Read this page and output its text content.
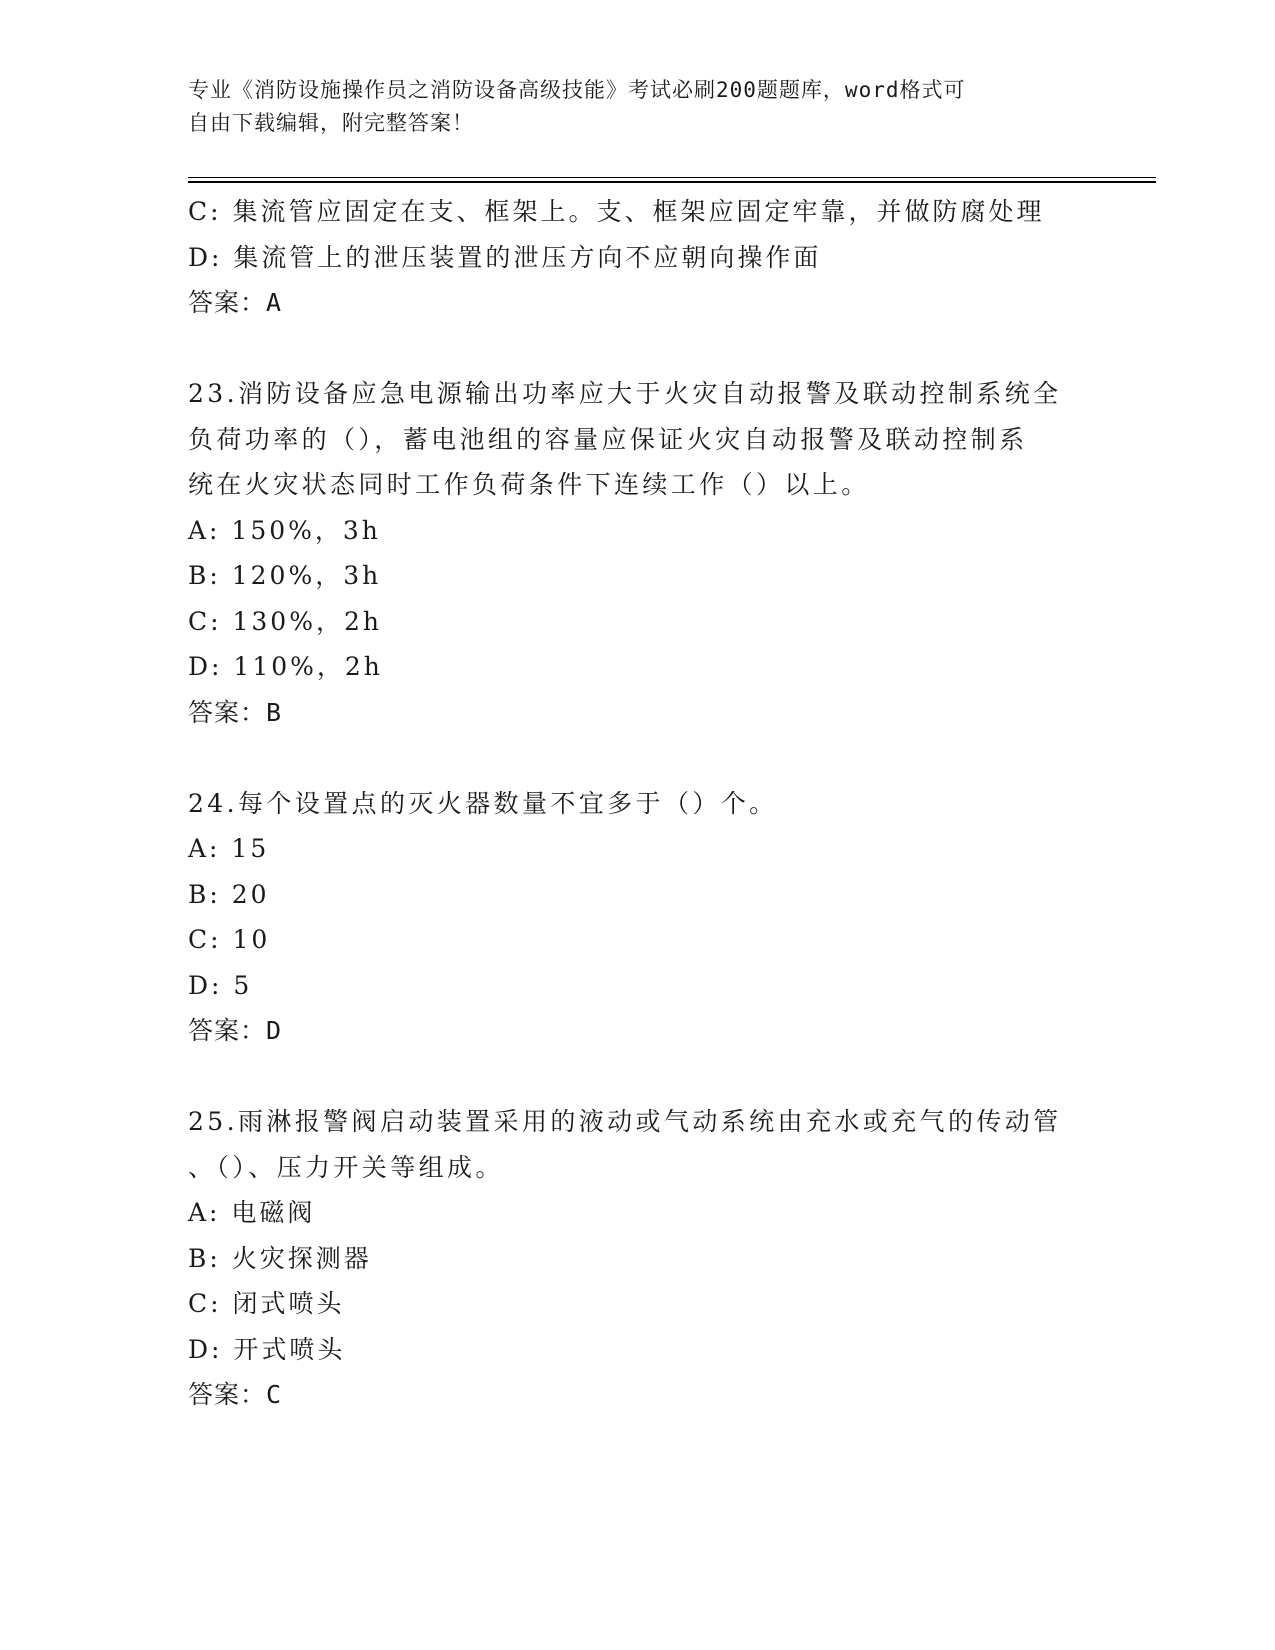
专业《消防设施操作员之消防设备高级技能》考试必刷200题题库，word格式可
自由下载编辑，附完整答案！
C: 集流管应固定在支、框架上。支、框架应固定牢靠，并做防腐处理
D: 集流管上的泄压装置的泄压方向不应朝向操作面
答案：A
23.消防设备应急电源输出功率应大于火灾自动报警及联动控制系统全
负荷功率的（），蓄电池组的容量应保证火灾自动报警及联动控制系
统在火灾状态同时工作负荷条件下连续工作（）以上。
A: 150%，3h
B: 120%，3h
C: 130%，2h
D: 110%，2h
答案：B
24.每个设置点的灭火器数量不宜多于（）个。
A: 15
B: 20
C: 10
D: 5
答案：D
25.雨淋报警阀启动装置采用的液动或气动系统由充水或充气的传动管
、（）、压力开关等组成。
A: 电磁阀
B: 火灾探测器
C: 闭式喷头
D: 开式喷头
答案：C
